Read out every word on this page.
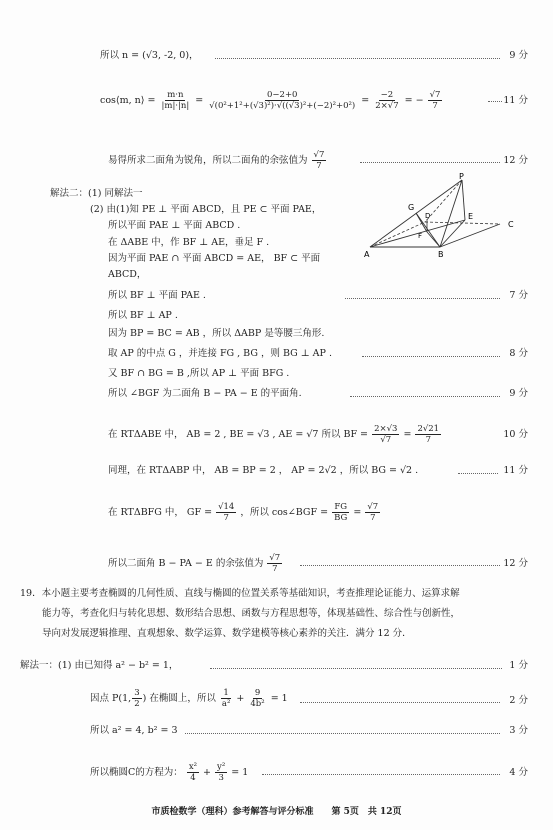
所以 n = (√3, -2, 0)，	9 分
cos⟨m, n⟩ = $\frac{m\cdot n}{|m|\cdot|n|} = \frac{0-2+0}{\text{√(0²+1²+(√3)²)·√((√3)²+(−2)²+0²)}} = \frac{-2}{2\times√7}$ = − $\frac{√7}{7}$	11 分
易得所求二面角为锐角，所以二面角的余弦值为 $\frac{√7}{7}$	12 分
解法二：(1) 同解法一
(2) 由(1)知 PE ⊥ 平面 ABCD，且 PE ⊂ 平面 PAE，
所以平面 PAE ⊥ 平面 ABCD .
在 ΔABE 中，作 BF ⊥ AE，垂足 F .
因为平面 PAE ∩ 平面 ABCD = AE， BF ⊂ 平面
ABCD，
所以 BF ⊥ 平面 PAE .	7 分
P
G
D	E
C
F
A	B
所以 BF ⊥ AP .
因为 BP = BC = AB ，所以 ΔABP 是等腰三角形.
取 AP 的中点 G ，并连接 FG , BG ，则 BG ⊥ AP .	8 分
又 BF ∩ BG = B ,所以 AP ⊥ 平面 BFG .
所以 ∠BGF 为二面角 B − PA − E 的平面角.	9 分
在 RTΔABE 中， AB = 2 , BE = √3 , AE = √7 所以 BF = $\frac{2\times√3}{√7} = \frac{2√21}{7}$	10 分
同理，在 RTΔABP 中， AB = BP = 2 ， AP = 2√2 ，所以 BG = √2 .	11 分
在 RTΔBFG 中， GF = $\frac{√14}{7}$ ，所以 cos∠BGF = $\frac{FG}{BG} = \frac{√7}{7}$
所以二面角 B − PA − E 的余弦值为 $\frac{√7}{7}$	12 分
19．本小题主要考查椭圆的几何性质、直线与椭圆的位置关系等基础知识，考查推理论证能力、运算求解
能力等，考查化归与转化思想、数形结合思想、函数与方程思想等，体现基础性、综合性与创新性，
导向对发展逻辑推理、直观想象、数学运算、数学建模等核心素养的关注．满分 12 分．
解法一：(1) 由已知得 a² − b² = 1，	1 分
因点 P(1, $\frac{3}{2}$ ) 在椭圆上，所以 $\frac{1}{\text{a²}} + \frac{9}{\text{4b²}} = 1$	2 分
所以 a² = 4, b² = 3	3 分
所以椭圆C的方程为： $\frac{\text{x²}}{4} + \frac{\text{y²}}{3} = 1$	4 分
市质检数学（理科）参考解答与评分标准　　第 5页　共 12页
